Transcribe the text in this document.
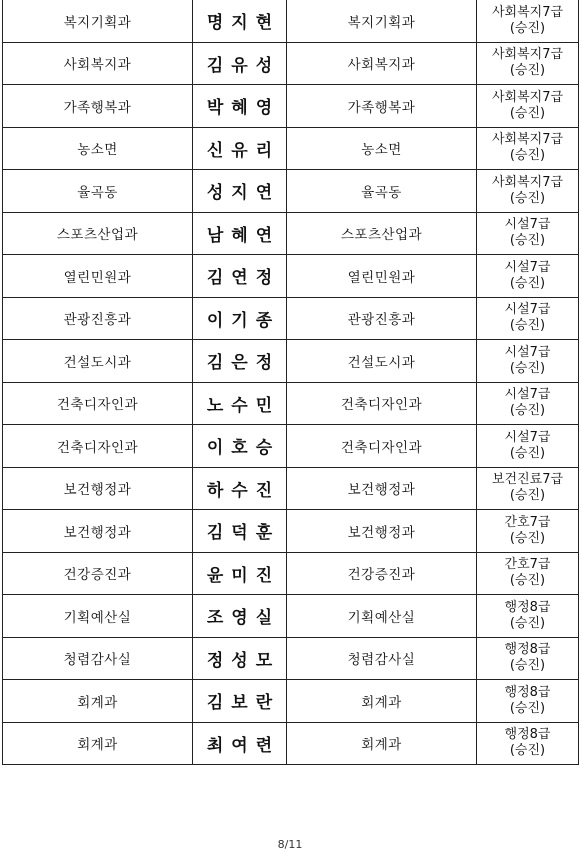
복지기획과	명지현	복지기획과	사회복지7급
(승진)

사회복지과	김유성	사회복지과	사회복지7급
(승진)

가족행복과	박혜영	가족행복과	사회복지7급
(승진)

농소면	신유리	농소면	사회복지7급
(승진)

율곡동	성지연	율곡동	사회복지7급
(승진)

스포츠산업과	남혜연	스포츠산업과	시설7급
(승진)

열린민원과	김연정	열린민원과	시설7급
(승진)

관광진흥과	이기종	관광진흥과	시설7급
(승진)

건설도시과	김은정	건설도시과	시설7급
(승진)

건축디자인과	노수민	건축디자인과	시설7급
(승진)

건축디자인과	이호승	건축디자인과	시설7급
(승진)

보건행정과	하수진	보건행정과	보건진료7급
(승진)

보건행정과	김덕훈	보건행정과	간호7급
(승진)

건강증진과	윤미진	건강증진과	간호7급
(승진)

기획예산실	조영실	기획예산실	행정8급
(승진)

청렴감사실	정성모	청렴감사실	행정8급
(승진)

회계과	김보란	회계과	행정8급
(승진)

회계과	최여련	회계과	행정8급
(승진)
8/11
